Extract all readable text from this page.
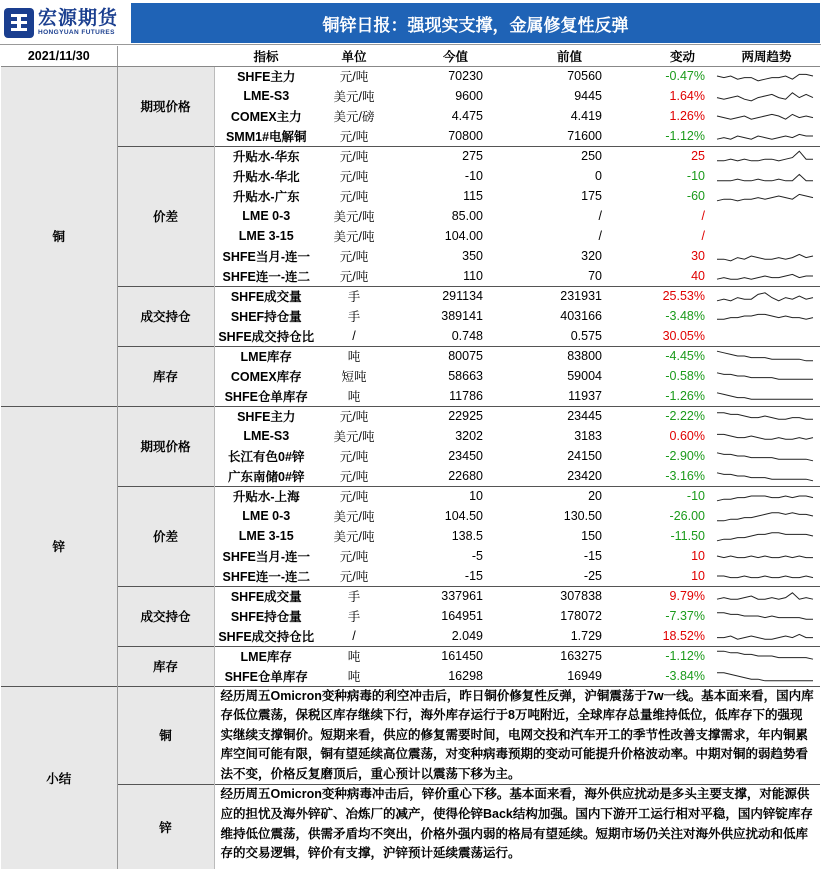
宏源期货
HONGYUAN FUTURES	铜锌日报：强现实支撑，金属修复性反弹
2021/11/30		指标	单位	今值	前值	变动	两周趋势
铜	期现价格	SHFE主力	元/吨	70230	70560	-0.47%	

		LME-S3	美元/吨	9600	9445	1.64%	

		COMEX主力	美元/磅	4.475	4.419	1.26%	

		SMM1#电解铜	元/吨	70800	71600	-1.12%	

	价差	升贴水-华东	元/吨	275	250	25	

		升贴水-华北	元/吨	-10	0	-10	

		升贴水-广东	元/吨	115	175	-60	

		LME 0-3	美元/吨	85.00	/	/	

		LME 3-15	美元/吨	104.00	/	/	

		SHFE当月-连一	元/吨	350	320	30	

		SHFE连一-连二	元/吨	110	70	40	

	成交持仓	SHFE成交量	手	291134	231931	25.53%	

		SHEF持仓量	手	389141	403166	-3.48%	

		SHFE成交持仓比	/	0.748	0.575	30.05%	

	库存	LME库存	吨	80075	83800	-4.45%	

		COMEX库存	短吨	58663	59004	-0.58%	

		SHFE仓单库存	吨	11786	11937	-1.26%	

锌	期现价格	SHFE主力	元/吨	22925	23445	-2.22%	

		LME-S3	美元/吨	3202	3183	0.60%	

		长江有色0#锌	元/吨	23450	24150	-2.90%	

		广东南储0#锌	元/吨	22680	23420	-3.16%	

	价差	升贴水-上海	元/吨	10	20	-10	

		LME 0-3	美元/吨	104.50	130.50	-26.00	

		LME 3-15	美元/吨	138.5	150	-11.50	

		SHFE当月-连一	元/吨	-5	-15	10	

		SHFE连一-连二	元/吨	-15	-25	10	

	成交持仓	SHFE成交量	手	337961	307838	9.79%	

		SHFE持仓量	手	164951	178072	-7.37%	

		SHFE成交持仓比	/	2.049	1.729	18.52%	

	库存	LME库存	吨	161450	163275	-1.12%	

		SHFE仓单库存	吨	16298	16949	-3.84%	

小结	铜	经历周五Omicron变种病毒的利空冲击后，昨日铜价修复性反弹，沪铜震荡于7w一线。基本面来看，国内库存低位震荡，保税区库存继续下行，海外库存运行于8万吨附近，全球库存总量维持低位，低库存下的强现实继续支撑铜价。短期来看，供应的修复需要时间，电网交投和汽车开工的季节性改善支撑需求，年内铜累库空间可能有限，铜有望延续高位震荡，对变种病毒预期的变动可能提升价格波动率。中期对铜的弱趋势看法不变，价格反复磨顶后，重心预计以震荡下移为主。					
	锌	经历周五Omicron变种病毒冲击后，锌价重心下移。基本面来看，海外供应扰动是多头主要支撑，对能源供应的担忧及海外锌矿、冶炼厂的减产，使得伦锌Back结构加强。国内下游开工运行相对平稳，国内锌锭库存维持低位震荡，供需矛盾均不突出，价格外强内弱的格局有望延续。短期市场仍关注对海外供应扰动和低库存的交易逻辑，锌价有支撑，沪锌预计延续震荡运行。					
